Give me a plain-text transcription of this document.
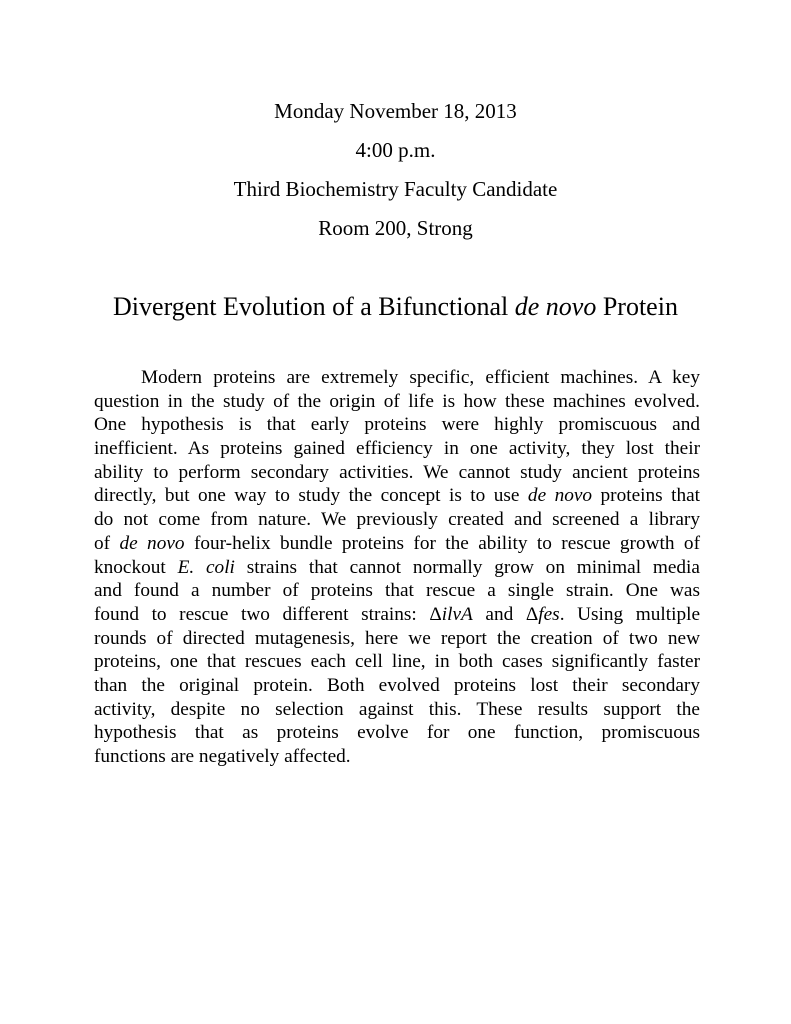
Monday November 18, 2013
4:00 p.m.
Third Biochemistry Faculty Candidate
Room 200, Strong
Divergent Evolution of a Bifunctional de novo Protein
Modern proteins are extremely specific, efficient machines. A key
question in the study of the origin of life is how these machines evolved.
One hypothesis is that early proteins were highly promiscuous and
inefficient. As proteins gained efficiency in one activity, they lost their
ability to perform secondary activities. We cannot study ancient proteins
directly, but one way to study the concept is to use de novo proteins that
do not come from nature. We previously created and screened a library
of de novo four-helix bundle proteins for the ability to rescue growth of
knockout E. coli strains that cannot normally grow on minimal media
and found a number of proteins that rescue a single strain. One was
found to rescue two different strains: ΔilvA and Δfes. Using multiple
rounds of directed mutagenesis, here we report the creation of two new
proteins, one that rescues each cell line, in both cases significantly faster
than the original protein. Both evolved proteins lost their secondary
activity, despite no selection against this. These results support the
hypothesis that as proteins evolve for one function, promiscuous
functions are negatively affected.
